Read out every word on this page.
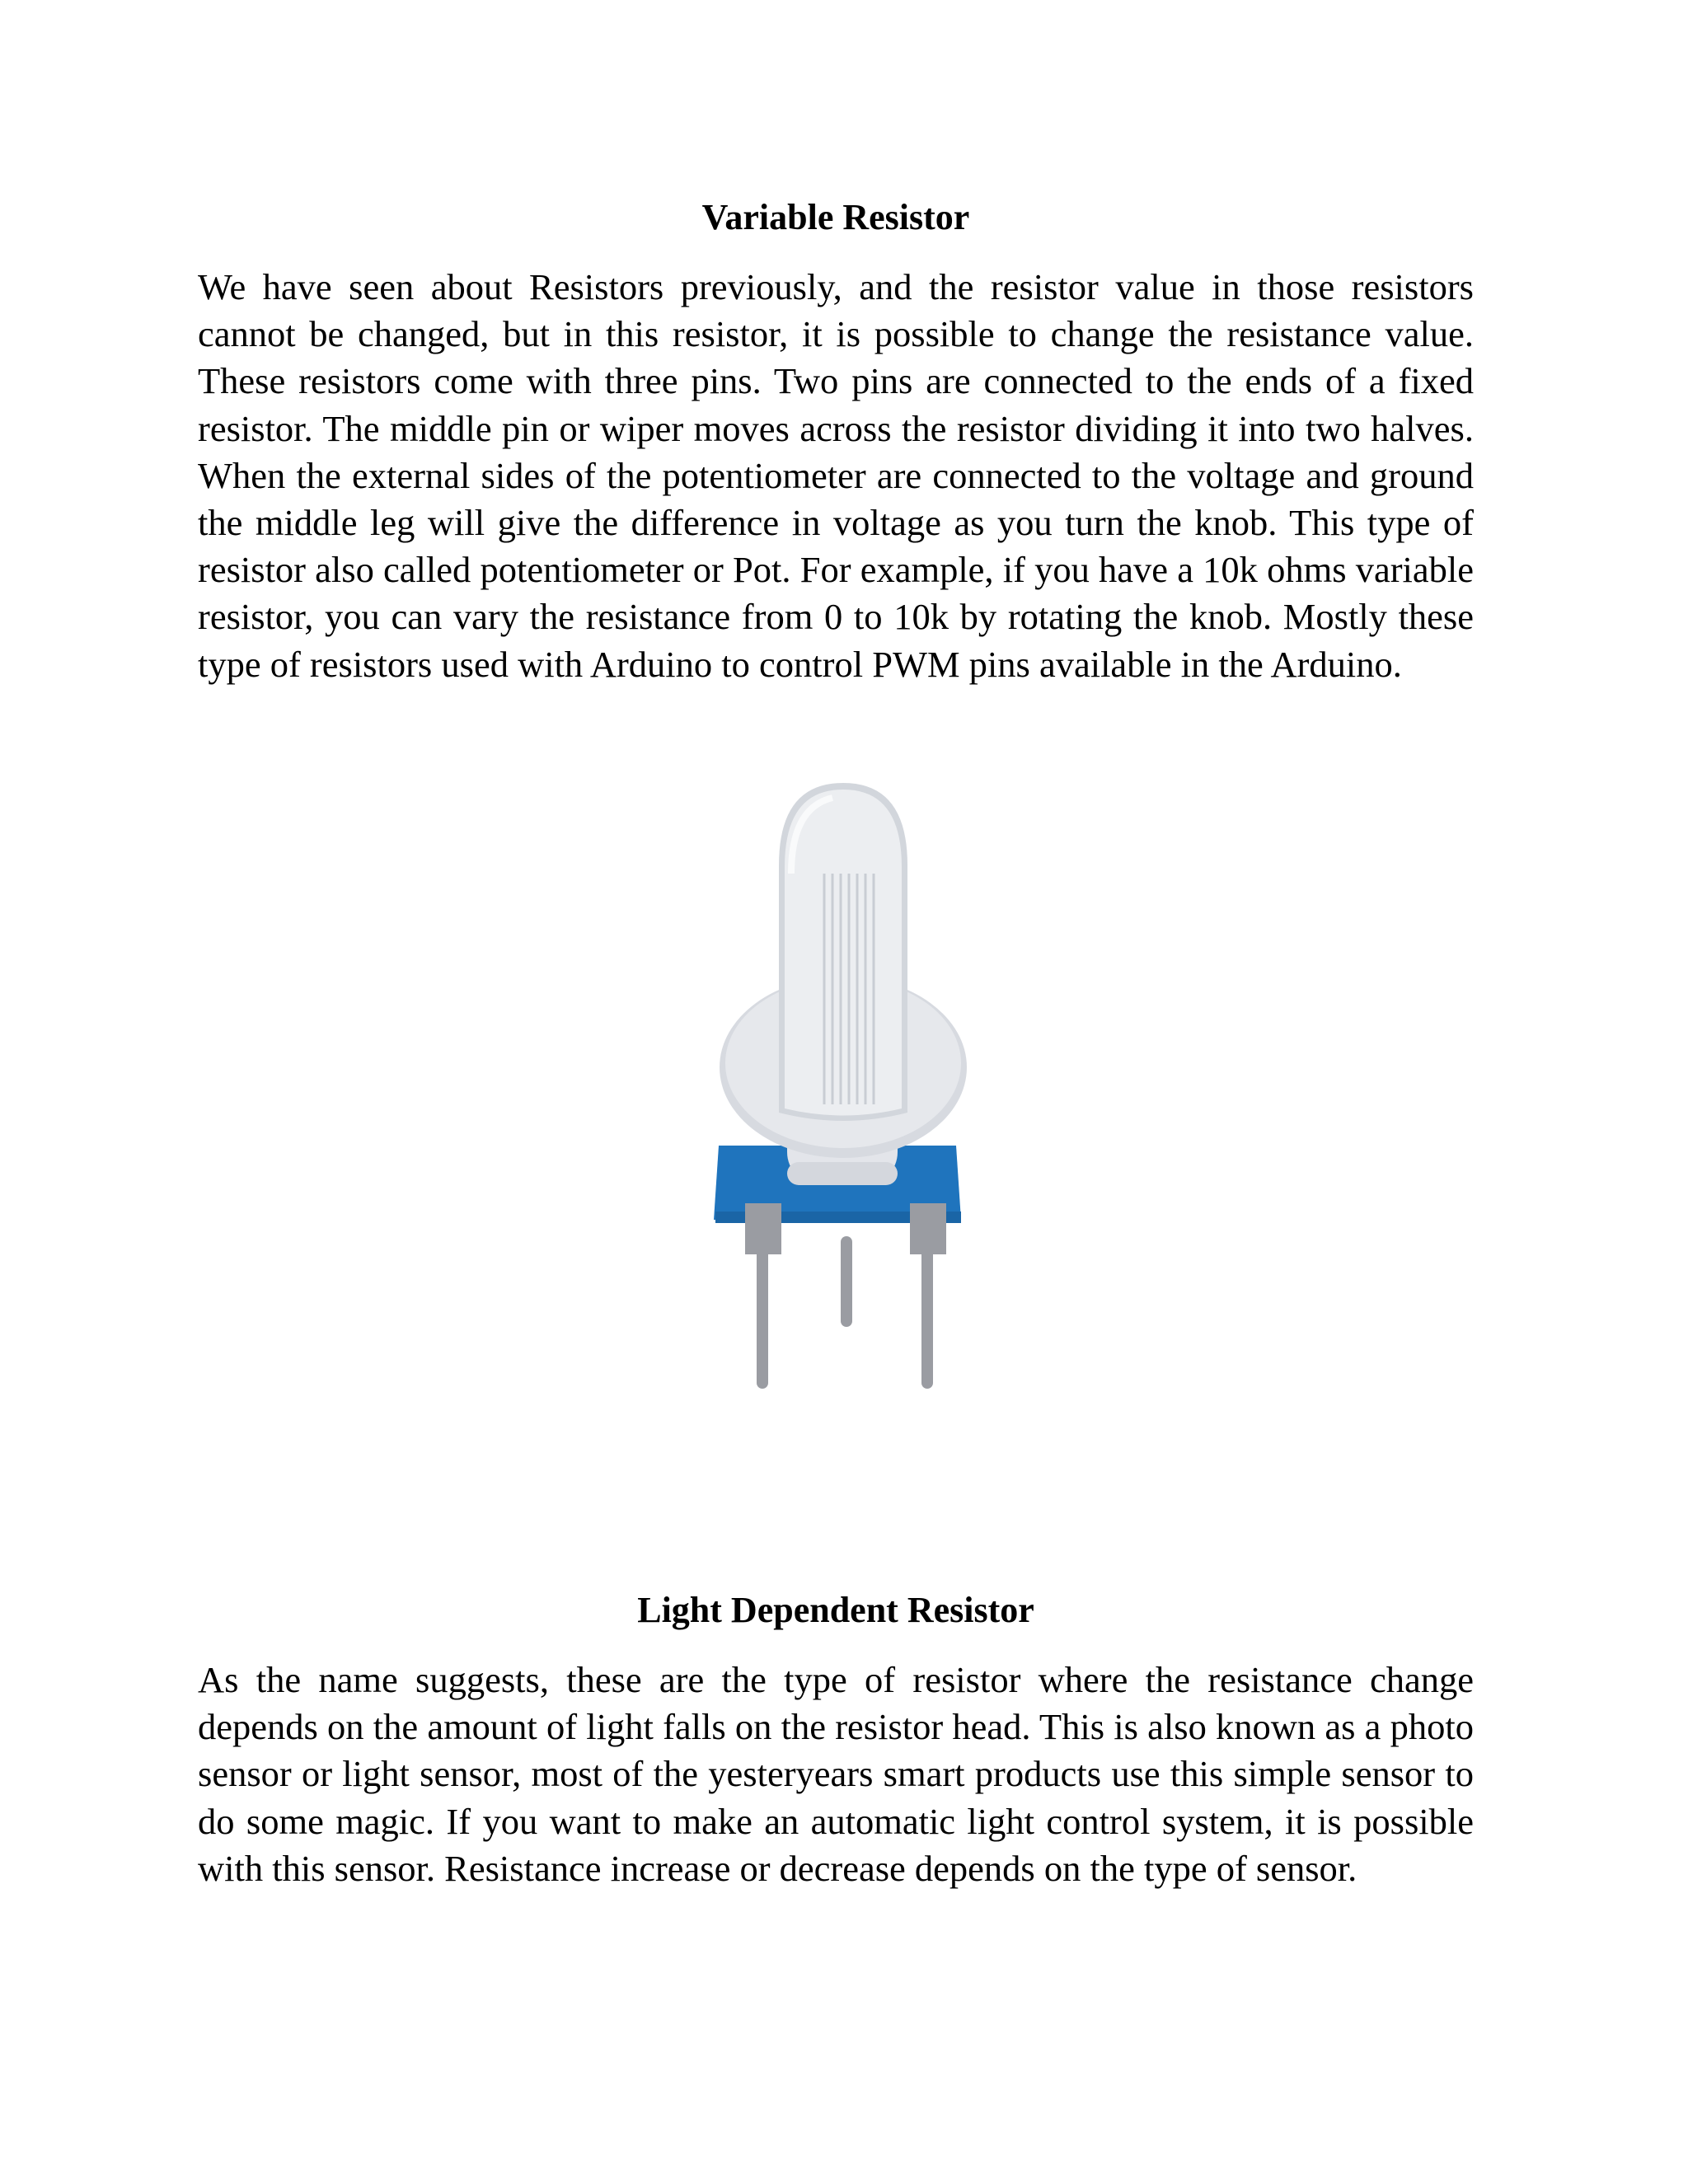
Variable Resistor

We have seen about Resistors previously, and the resistor value in those resistors cannot be changed, but in this resistor, it is possible to change the resistance value. These resistors come with three pins. Two pins are connected to the ends of a fixed resistor. The middle pin or wiper moves across the resistor dividing it into two halves. When the external sides of the potentiometer are connected to the voltage and ground the middle leg will give the difference in voltage as you turn the knob. This type of resistor also called potentiometer or Pot. For example, if you have a 10k ohms variable resistor, you can vary the resistance from 0 to 10k by rotating the knob. Mostly these type of resistors used with Arduino to control PWM pins available in the Arduino.

Light Dependent Resistor

As the name suggests, these are the type of resistor where the resistance change depends on the amount of light falls on the resistor head. This is also known as a photo sensor or light sensor, most of the yesteryears smart products use this simple sensor to do some magic. If you want to make an automatic light control system, it is possible with this sensor. Resistance increase or decrease depends on the type of sensor.
